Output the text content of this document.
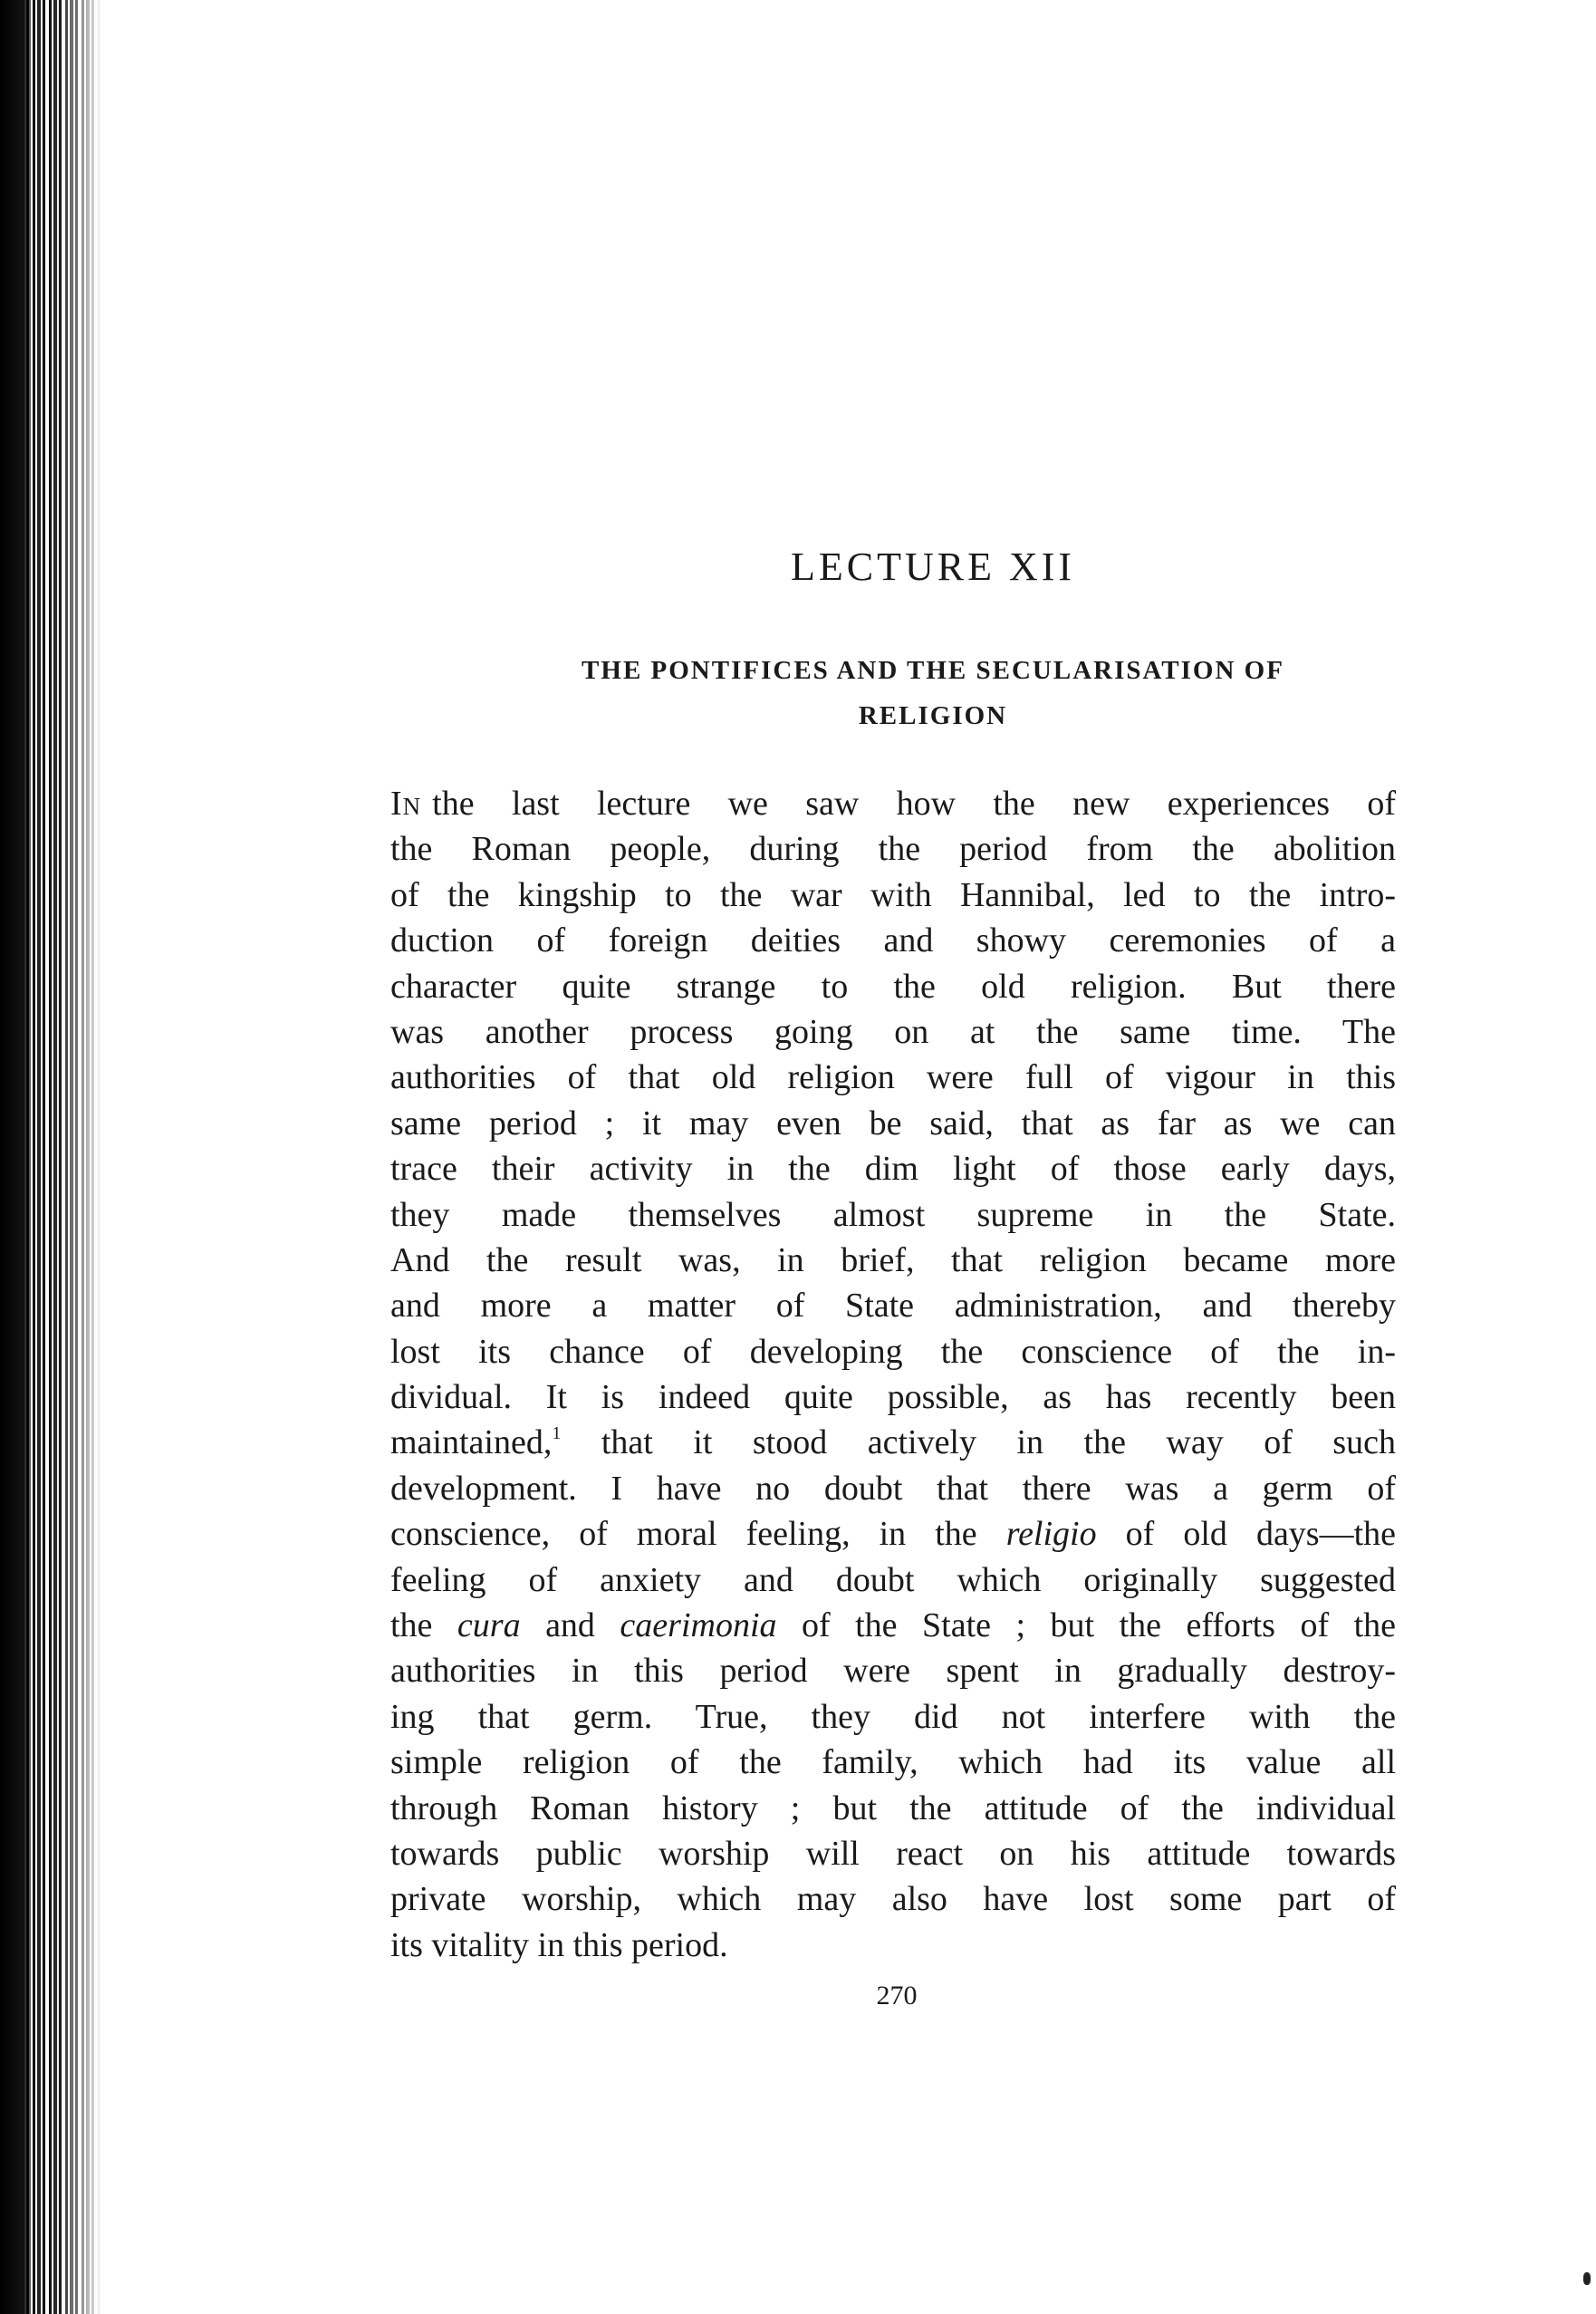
LECTURE XII
THE PONTIFICES AND THE SECULARISATION OF
RELIGION
In the last lecture we saw how the new experiences of
the Roman people, during the period from the abolition
of the kingship to the war with Hannibal, led to the intro-
duction of foreign deities and showy ceremonies of a
character quite strange to the old religion. But there
was another process going on at the same time. The
authorities of that old religion were full of vigour in this
same period ; it may even be said, that as far as we can
trace their activity in the dim light of those early days,
they made themselves almost supreme in the State.
And the result was, in brief, that religion became more
and more a matter of State administration, and thereby
lost its chance of developing the conscience of the in-
dividual. It is indeed quite possible, as has recently been
maintained,$^1$ that it stood actively in the way of such
development. I have no doubt that there was a germ of
conscience, of moral feeling, in the religio of old days—the
feeling of anxiety and doubt which originally suggested
the cura and caerimonia of the State ; but the efforts of the
authorities in this period were spent in gradually destroy-
ing that germ. True, they did not interfere with the
simple religion of the family, which had its value all
through Roman history ; but the attitude of the individual
towards public worship will react on his attitude towards
private worship, which may also have lost some part of
its vitality in this period.

270
